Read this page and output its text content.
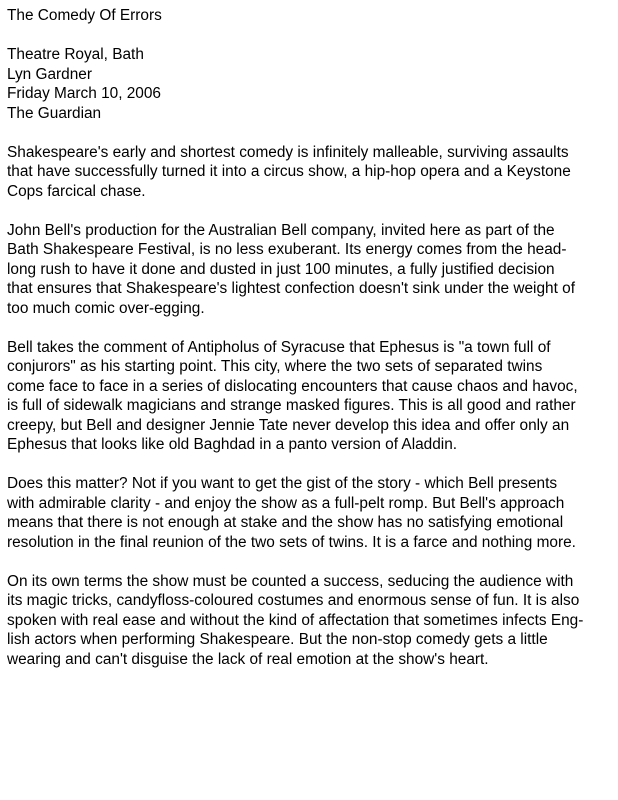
The Comedy Of Errors
Theatre Royal, Bath
Lyn Gardner
Friday March 10, 2006
The Guardian
Shakespeare's early and shortest comedy is infinitely malleable, surviving assaults
that have successfully turned it into a circus show, a hip-hop opera and a Keystone
Cops farcical chase.
John Bell's production for the Australian Bell company, invited here as part of the
Bath Shakespeare Festival, is no less exuberant. Its energy comes from the head-
long rush to have it done and dusted in just 100 minutes, a fully justified decision
that ensures that Shakespeare's lightest confection doesn't sink under the weight of
too much comic over-egging.
Bell takes the comment of Antipholus of Syracuse that Ephesus is "a town full of
conjurors" as his starting point. This city, where the two sets of separated twins
come face to face in a series of dislocating encounters that cause chaos and havoc,
is full of sidewalk magicians and strange masked figures. This is all good and rather
creepy, but Bell and designer Jennie Tate never develop this idea and offer only an
Ephesus that looks like old Baghdad in a panto version of Aladdin.
Does this matter? Not if you want to get the gist of the story - which Bell presents
with admirable clarity - and enjoy the show as a full-pelt romp. But Bell's approach
means that there is not enough at stake and the show has no satisfying emotional
resolution in the final reunion of the two sets of twins. It is a farce and nothing more.
On its own terms the show must be counted a success, seducing the audience with
its magic tricks, candyfloss-coloured costumes and enormous sense of fun. It is also
spoken with real ease and without the kind of affectation that sometimes infects Eng-
lish actors when performing Shakespeare. But the non-stop comedy gets a little
wearing and can't disguise the lack of real emotion at the show's heart.
